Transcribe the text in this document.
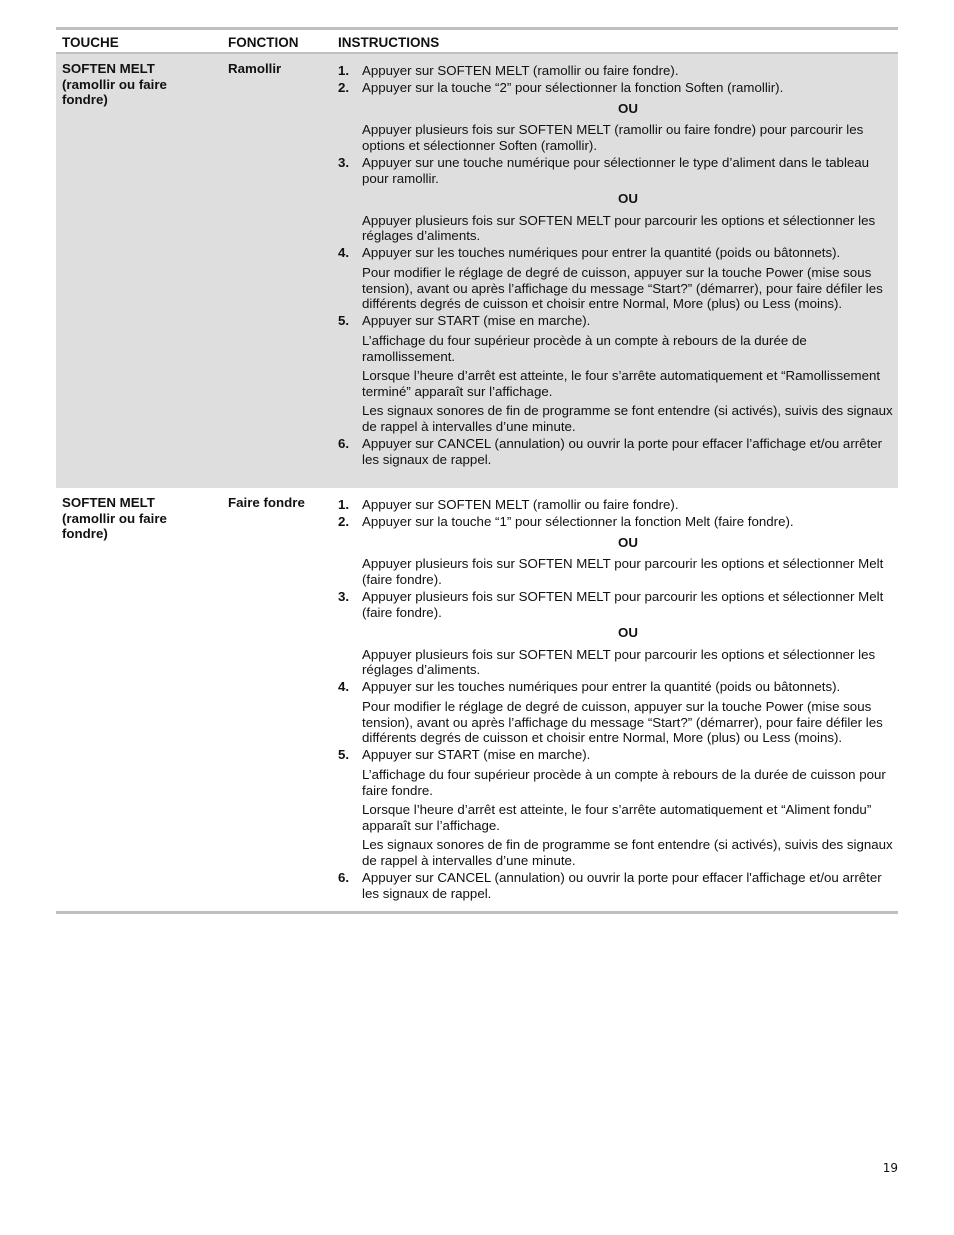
TOUCHE	FONCTION	INSTRUCTIONS
SOFTEN MELT
(ramollir ou faire
fondre)
Ramollir	1. Appuyer sur SOFTEN MELT (ramollir ou faire fondre).
2. Appuyer sur la touche “2” pour sélectionner la fonction Soften (ramollir).
OU
Appuyer plusieurs fois sur SOFTEN MELT (ramollir ou faire fondre) pour parcourir les options et sélectionner Soften (ramollir).
3. Appuyer sur une touche numérique pour sélectionner le type d’aliment dans le tableau pour ramollir.
OU
Appuyer plusieurs fois sur SOFTEN MELT pour parcourir les options et sélectionner les réglages d’aliments.
4. Appuyer sur les touches numériques pour entrer la quantité (poids ou bâtonnets).
Pour modifier le réglage de degré de cuisson, appuyer sur la touche Power (mise sous tension), avant ou après l’affichage du message “Start?” (démarrer), pour faire défiler les différents degrés de cuisson et choisir entre Normal, More (plus) ou Less (moins).
5. Appuyer sur START (mise en marche).
L’affichage du four supérieur procède à un compte à rebours de la durée de ramollissement.
Lorsque l’heure d’arrêt est atteinte, le four s’arrête automatiquement et “Ramollissement terminé” apparaît sur l’affichage.
Les signaux sonores de fin de programme se font entendre (si activés), suivis des signaux de rappel à intervalles d’une minute.
6. Appuyer sur CANCEL (annulation) ou ouvrir la porte pour effacer l’affichage et/ou arrêter les signaux de rappel.
SOFTEN MELT
(ramollir ou faire
fondre)
Faire fondre	1. Appuyer sur SOFTEN MELT (ramollir ou faire fondre).
2. Appuyer sur la touche “1” pour sélectionner la fonction Melt (faire fondre).
OU
Appuyer plusieurs fois sur SOFTEN MELT pour parcourir les options et sélectionner Melt (faire fondre).
3. Appuyer plusieurs fois sur SOFTEN MELT pour parcourir les options et sélectionner Melt (faire fondre).
OU
Appuyer plusieurs fois sur SOFTEN MELT pour parcourir les options et sélectionner les réglages d’aliments.
4. Appuyer sur les touches numériques pour entrer la quantité (poids ou bâtonnets).
Pour modifier le réglage de degré de cuisson, appuyer sur la touche Power (mise sous tension), avant ou après l’affichage du message “Start?” (démarrer), pour faire défiler les différents degrés de cuisson et choisir entre Normal, More (plus) ou Less (moins).
5. Appuyer sur START (mise en marche).
L’affichage du four supérieur procède à un compte à rebours de la durée de cuisson pour faire fondre.
Lorsque l’heure d’arrêt est atteinte, le four s’arrête automatiquement et “Aliment fondu” apparaît sur l’affichage.
Les signaux sonores de fin de programme se font entendre (si activés), suivis des signaux de rappel à intervalles d’une minute.
6. Appuyer sur CANCEL (annulation) ou ouvrir la porte pour effacer l'affichage et/ou arrêter les signaux de rappel.
19
